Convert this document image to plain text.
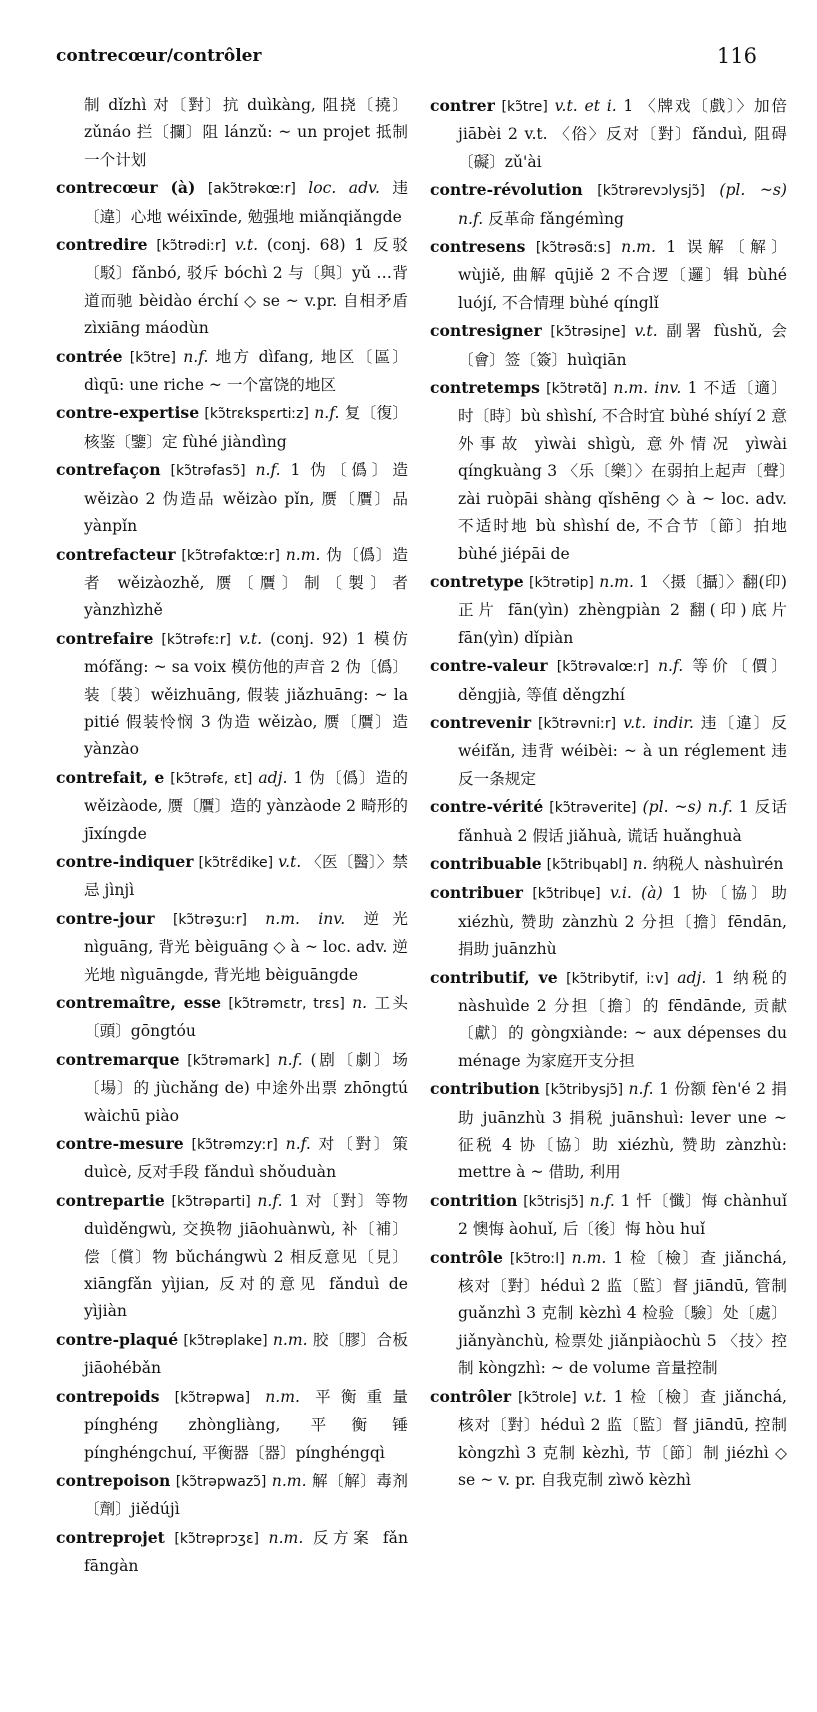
contrecœur/contrôler	116

制 dǐzhì 对〔對〕抗 duìkàng, 阻挠〔撓〕zǔnáo 拦〔攔〕阻 lánzǔ: ~ un projet 抵制一个计划

contrecœur (à) [akɔ̃trəkœːr] loc. adv. 违〔違〕心地 wéixīnde, 勉强地 miǎnqiǎngde

contredire [kɔ̃trədiːr] v.t. (conj. 68) 1 反驳〔駁〕fǎnbó, 驳斥 bóchì 2 与〔與〕yǔ …背道而驰 bèidào érchí ◇ se ~ v.pr. 自相矛盾 zìxiāng máodùn

contrée [kɔ̃tre] n.f. 地方 dìfang, 地区〔區〕dìqū: une riche ~ 一个富饶的地区

contre-expertise [kɔ̃trɛkspɛrtiːz] n.f. 复〔復〕核鉴〔鑒〕定 fùhé jiàndìng

contrefaçon [kɔ̃trəfasɔ̃] n.f. 1 伪〔僞〕造 wěizào 2 伪造品 wěizào pǐn, 赝〔贋〕品 yànpǐn

contrefacteur [kɔ̃trəfaktœːr] n.m. 伪〔僞〕造者 wěizàozhě, 赝〔贋〕制〔製〕者 yànzhìzhě

contrefaire [kɔ̃trəfɛːr] v.t. (conj. 92) 1 模仿 mófǎng: ~ sa voix 模仿他的声音 2 伪〔僞〕装〔裝〕wěizhuāng, 假装 jiǎzhuāng: ~ la pitié 假装怜悯 3 伪造 wěizào, 赝〔贋〕造 yànzào

contrefait, e [kɔ̃trəfɛ, ɛt] adj. 1 伪〔僞〕造的 wěizàode, 赝〔贋〕造的 yànzàode 2 畸形的 jīxíngde

contre-indiquer [kɔ̃trɛ̃dike] v.t. 〈医〔醫〕〉禁忌 jìnjì

contre-jour [kɔ̃trəʒuːr] n.m. inv. 逆光 nìguāng, 背光 bèiguāng ◇ à ~ loc. adv. 逆光地 nìguāngde, 背光地 bèiguāngde

contremaître, esse [kɔ̃trəmɛtr, trɛs] n. 工头〔頭〕gōngtóu

contremarque [kɔ̃trəmark] n.f. (剧〔劇〕场〔場〕的 jùchǎng de) 中途外出票 zhōngtú wàichū piào

contre-mesure [kɔ̃trəmzyːr] n.f. 对〔對〕策 duìcè, 反对手段 fǎnduì shǒuduàn

contrepartie [kɔ̃trəparti] n.f. 1 对〔對〕等物 duìděngwù, 交换物 jiāohuànwù, 补〔補〕偿〔償〕物 bǔchángwù 2 相反意见〔見〕xiāngfǎn yìjian, 反对的意见 fǎnduì de yìjiàn

contre-plaqué [kɔ̃trəplake] n.m. 胶〔膠〕合板 jiāohébǎn

contrepoids [kɔ̃trəpwa] n.m. 平衡重量 pínghéng zhòngliàng, 平衡锤 pínghéngchuí, 平衡器〔器〕pínghéngqì

contrepoison [kɔ̃trəpwazɔ̃] n.m. 解〔解〕毒剂〔劑〕jiědújì

contreprojet [kɔ̃trəprɔʒɛ] n.m. 反方案 fǎn fāngàn

contrer [kɔ̃tre] v.t. et i. 1 〈牌戏〔戲〕〉加倍 jiābèi 2 v.t. 〈俗〉反对〔對〕fǎnduì, 阻碍〔礙〕zǔ'ài

contre-révolution [kɔ̃trərevɔlysjɔ̃] (pl. ~s) n.f. 反革命 fǎngémìng

contresens [kɔ̃trəsɑ̃ːs] n.m. 1 误解〔解〕wùjiě, 曲解 qūjiě 2 不合逻〔邏〕辑 bùhé luójí, 不合情理 bùhé qínglǐ

contresigner [kɔ̃trəsiɲe] v.t. 副署 fùshǔ, 会〔會〕签〔簽〕huìqiān

contretemps [kɔ̃trətɑ̃] n.m. inv. 1 不适〔適〕时〔時〕bù shìshí, 不合时宜 bùhé shíyí 2 意外事故 yìwài shìgù, 意外情况 yìwài qíngkuàng 3 〈乐〔樂〕〉在弱拍上起声〔聲〕zài ruòpāi shàng qǐshēng ◇ à ~ loc. adv. 不适时地 bù shìshí de, 不合节〔節〕拍地 bùhé jiépāi de

contretype [kɔ̃trətip] n.m. 1 〈摄〔攝〕〉翻(印)正片 fān(yìn) zhèngpiàn 2 翻(印)底片 fān(yìn) dǐpiàn

contre-valeur [kɔ̃trəvalœːr] n.f. 等价〔價〕děngjià, 等值 děngzhí

contrevenir [kɔ̃trəvniːr] v.t. indir. 违〔違〕反 wéifǎn, 违背 wéibèi: ~ à un réglement 违反一条规定

contre-vérité [kɔ̃trəverite] (pl. ~s) n.f. 1 反话 fǎnhuà 2 假话 jiǎhuà, 谎话 huǎnghuà

contribuable [kɔ̃tribɥabl] n. 纳税人 nàshuìrén

contribuer [kɔ̃tribɥe] v.i. (à) 1 协〔協〕助 xiézhù, 赞助 zànzhù 2 分担〔擔〕fēndān, 捐助 juānzhù

contributif, ve [kɔ̃tribytif, iːv] adj. 1 纳税的 nàshuìde 2 分担〔擔〕的 fēndānde, 贡献〔獻〕的 gòngxiànde: ~ aux dépenses du ménage 为家庭开支分担

contribution [kɔ̃tribysjɔ̃] n.f. 1 份额 fèn'é 2 捐助 juānzhù 3 捐税 juānshuì: lever une ~ 征税 4 协〔協〕助 xiézhù, 赞助 zànzhù: mettre à ~ 借助, 利用

contrition [kɔ̃trisjɔ̃] n.f. 1 忏〔懺〕悔 chànhuǐ 2 懊悔 àohuǐ, 后〔後〕悔 hòu huǐ

contrôle [kɔ̃troːl] n.m. 1 检〔檢〕查 jiǎnchá, 核对〔對〕héduì 2 监〔監〕督 jiāndū, 管制 guǎnzhì 3 克制 kèzhì 4 检验〔驗〕处〔處〕jiǎnyànchù, 检票处 jiǎnpiàochù 5 〈技〉控制 kòngzhì: ~ de volume 音量控制

contrôler [kɔ̃trole] v.t. 1 检〔檢〕查 jiǎnchá, 核对〔對〕héduì 2 监〔監〕督 jiāndū, 控制 kòngzhì 3 克制 kèzhì, 节〔節〕制 jiézhì ◇ se ~ v. pr. 自我克制 zìwǒ kèzhì
